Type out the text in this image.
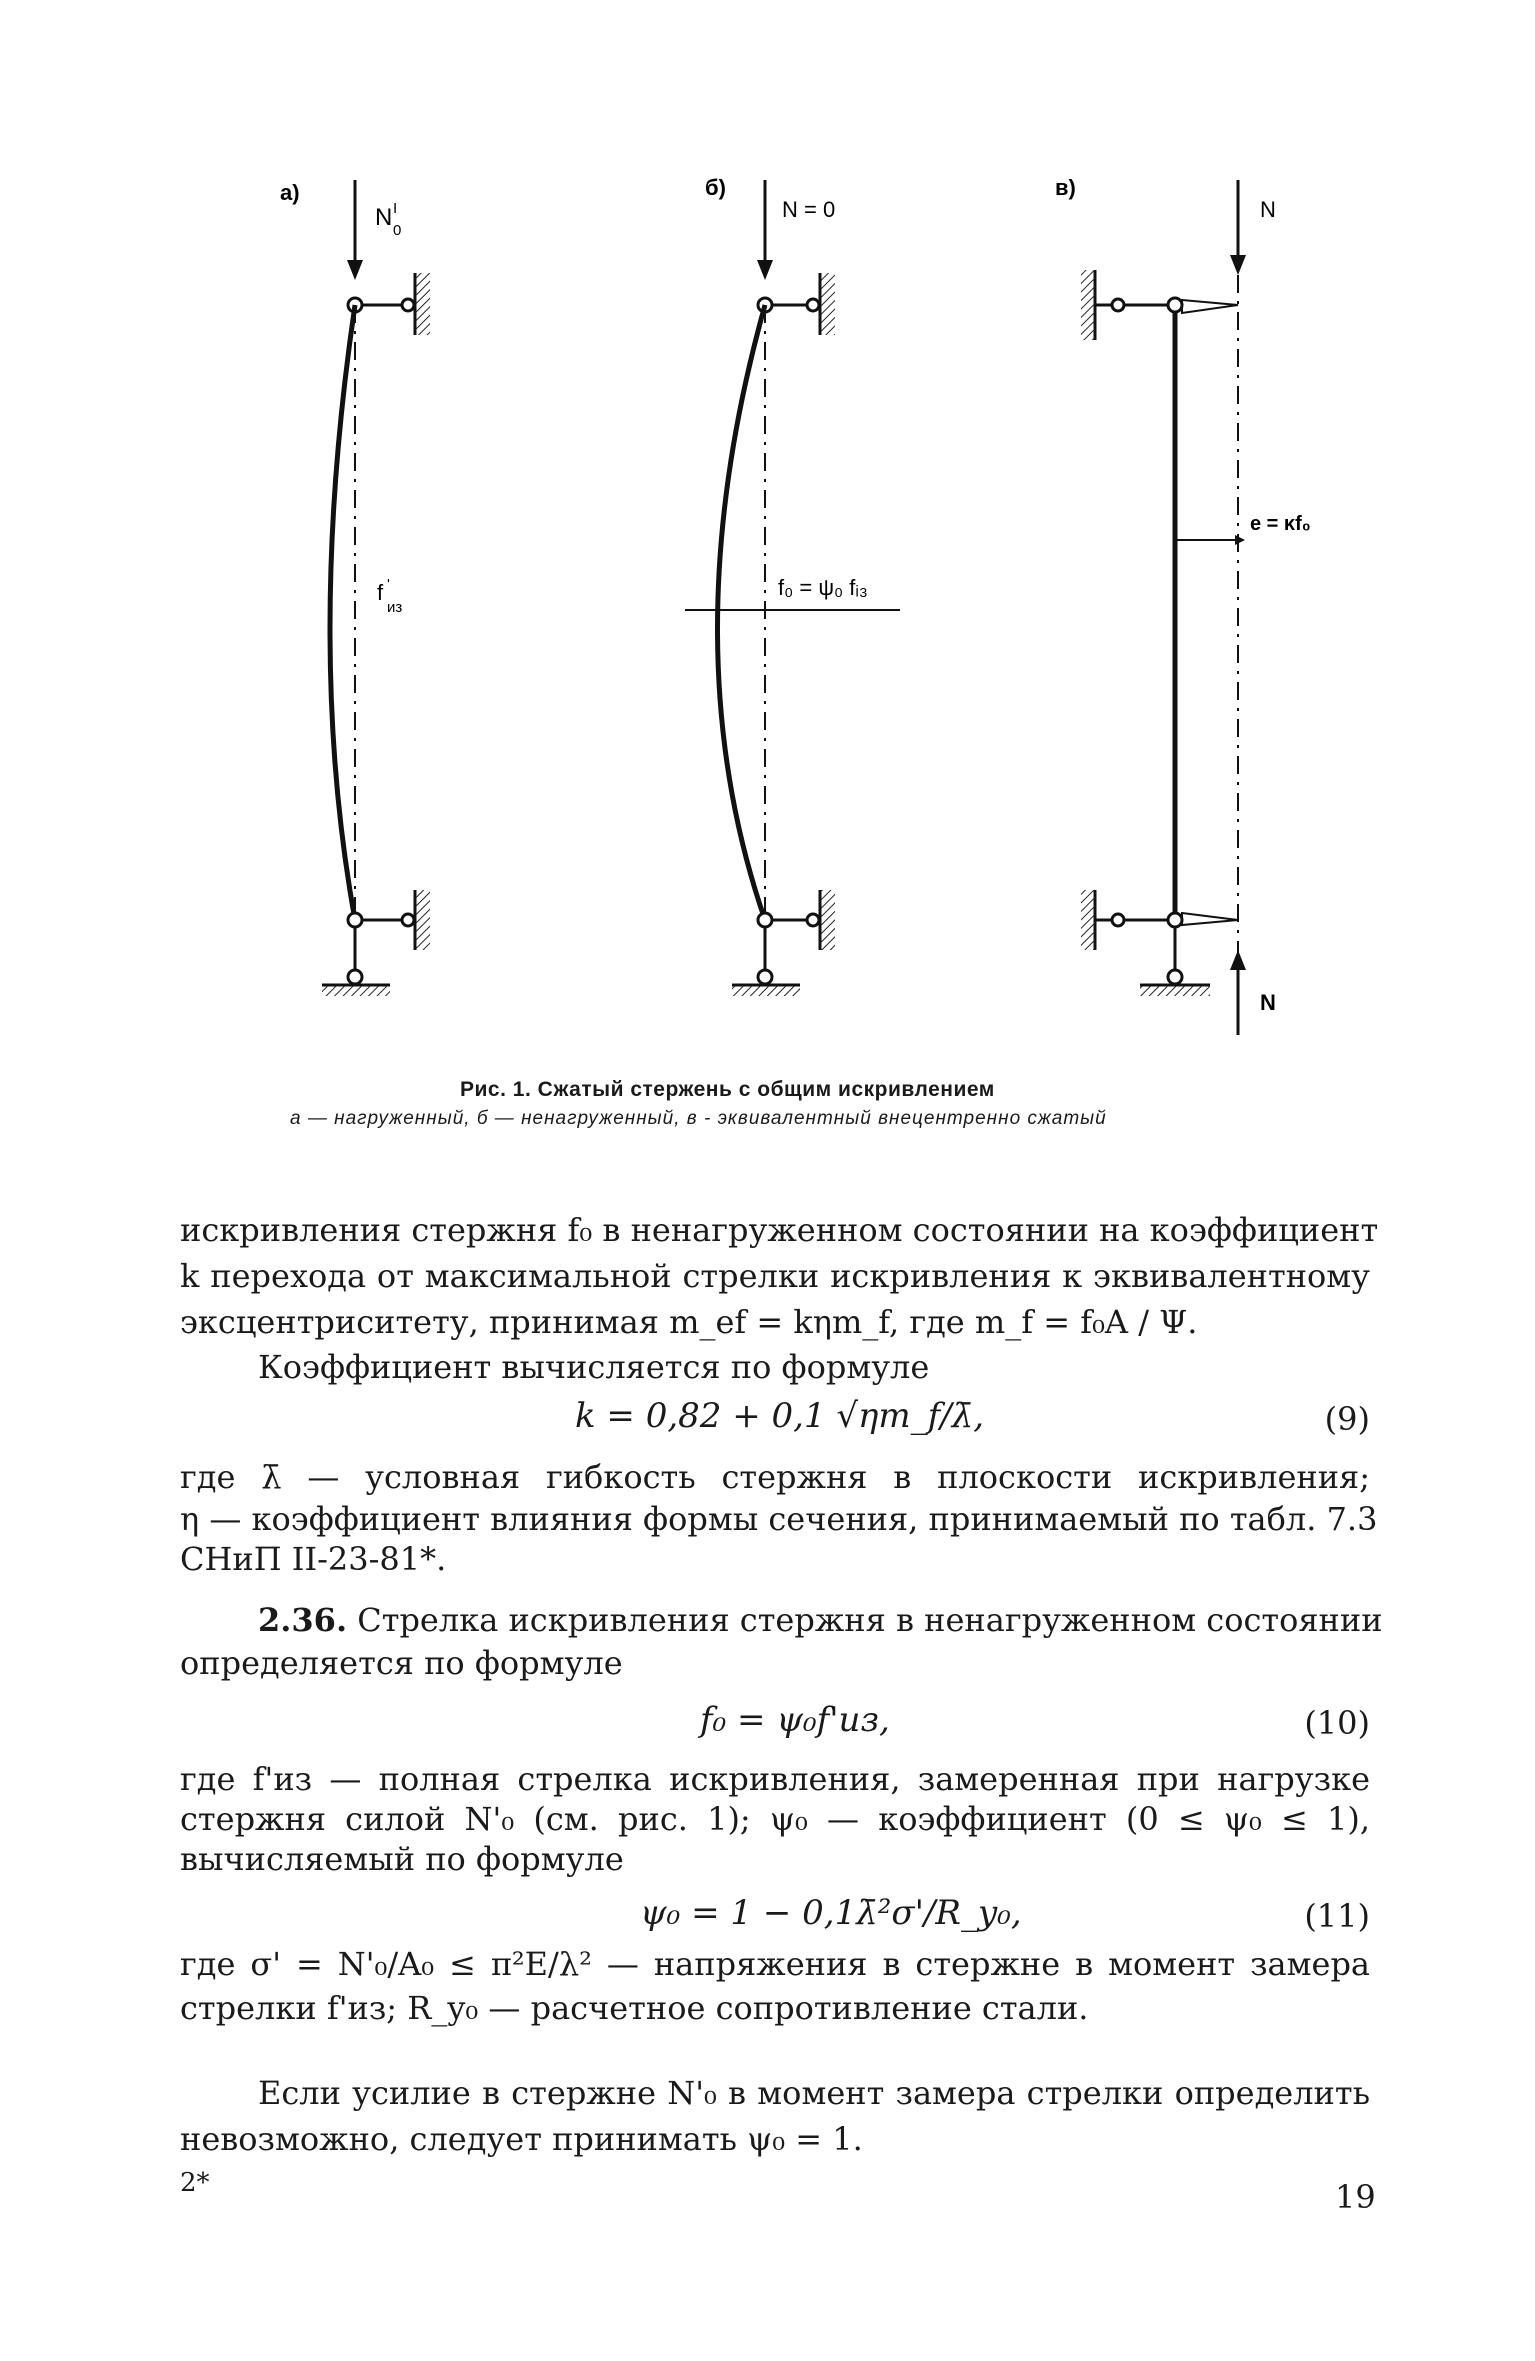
a)
N 0
I
f
из
'
б)
N = 0
f₀ = ψ₀ fᵢ₃
в)
N
e = κf₀
N
Рис. 1. Сжатый стержень с общим искривлением
а — нагруженный, б — ненагруженный, в - эквивалентный внецентренно сжатый
искривления стержня f₀ в ненагруженном состоянии на коэффициент
k перехода от максимальной стрелки искривления к эквивалентному
эксцентриситету, принимая m_ef = kηm_f, где m_f = f₀A / Ψ.
Коэффициент вычисляется по формуле
k = 0,82 + 0,1 √ηm_f/λ̄,	(9)
где λ̄ — условная гибкость стержня в плоскости искривления;
η — коэффициент влияния формы сечения, принимаемый по табл. 7.3
СНиП II-23-81*.
2.36. Стрелка искривления стержня в ненагруженном состоянии
определяется по формуле
f₀ = ψ₀f'из,	(10)
где f'из — полная стрелка искривления, замеренная при нагрузке
стержня силой N'₀ (см. рис. 1); ψ₀ — коэффициент (0 ≤ ψ₀ ≤ 1),
вычисляемый по формуле
ψ₀ = 1 − 0,1λ̄²σ'/R_y₀,	(11)
где σ' = N'₀/A₀ ≤ π²E/λ² — напряжения в стержне в момент замера
стрелки f'из; R_y₀ — расчетное сопротивление стали.
Если усилие в стержне N'₀ в момент замера стрелки определить
невозможно, следует принимать ψ₀ = 1.
2*	19
